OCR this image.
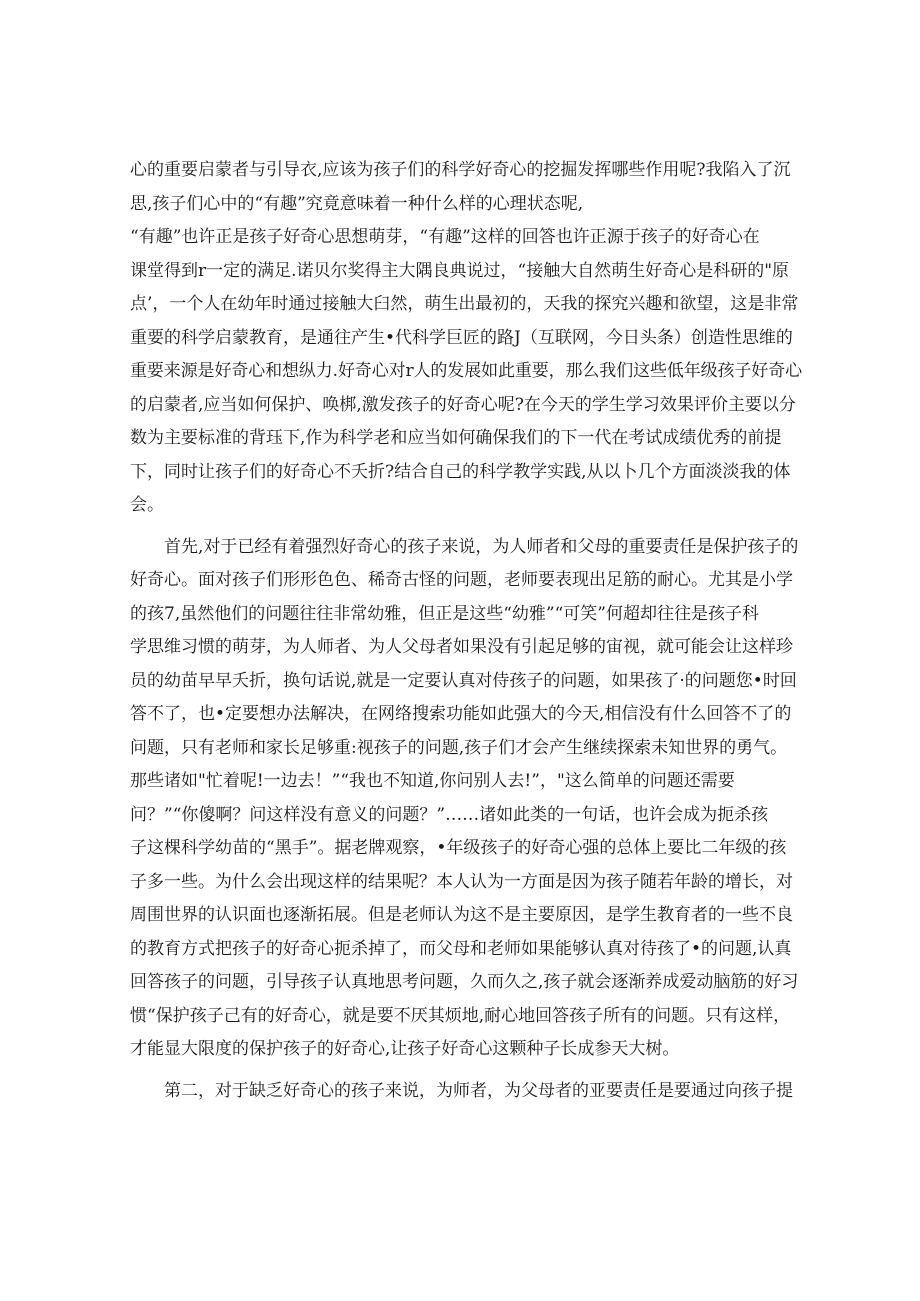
心的重要启蒙者与引导衣,应该为孩子们的科学好奇心的挖掘发挥哪些作用呢?我陷入了沉
思,孩子们心中的“有趣”究竟意味着一种什么样的心理状态呢,
“有趣”也许正是孩子好奇心思想萌芽，“有趣”这样的回答也许正源于孩子的好奇心在
课堂得到r一定的满足.诺贝尔奖得主大隅良典说过，“接触大自然萌生好奇心是科研的"原
点’，一个人在幼年时通过接触大臼然，萌生出最初的，天我的探究兴趣和欲望，这是非常
重要的科学启蒙教育，是通往产生•代科学巨匠的路J（互联网，今日头条）创造性思维的
重要来源是好奇心和想纵力.好奇心对r人的发展如此重要，那么我们这些低年级孩子好奇心
的启蒙者,应当如何保护、唤梆,激发孩子的好奇心呢?在今天的学生学习效果评价主要以分
数为主要标准的背珏下,作为科学老和应当如何确保我们的下一代在考试成绩优秀的前提
下，同时让孩子们的好奇心不夭折?结合自己的科学教学实践,从以卜几个方面淡淡我的体
会。
首先,对于已经有着强烈好奇心的孩子来说，为人师者和父母的重要责任是保护孩子的
好奇心。面对孩子们形形色色、稀奇古怪的问题，老师要表现出足筋的耐心。尤其是小学
的孩7,虽然他们的问题往往非常幼雅，但正是这些“幼雅”“可笑”何超却往往是孩子科
学思维习惯的萌芽，为人师者、为人父母者如果没有引起足够的宙视，就可能会让这样珍
员的幼苗早早夭折，换句话说,就是一定要认真对侍孩子的问题，如果孩了·的问题您•时回
答不了，也•定要想办法解决，在网络搜索功能如此强大的今天,相信没有什么回答不了的
问题，只有老师和家长足够重:视孩子的问题,孩子们才会产生继续探索未知世界的勇气。
那些诸如"忙着呢!一边去！”“我也不知道,你问别人去!”，"这么简单的问题还需要
问？”“你傻啊？问这样没有意义的问题？”……诸如此类的一句话，也许会成为扼杀孩
子这棵科学幼苗的“黑手”。据老牌观察，•年级孩子的好奇心强的总体上要比二年级的孩
子多一些。为什么会出现这样的结果呢？本人认为一方面是因为孩子随若年龄的增长，对
周围世界的认识面也逐渐拓展。但是老师认为这不是主要原因，是学生教育者的一些不良
的教育方式把孩子的好奇心扼杀掉了，而父母和老师如果能够认真对待孩了•的问题,认真
回答孩子的问题，引导孩子认真地思考问题，久而久之,孩子就会逐渐养成爱动脑筋的好习
惯“保护孩子己有的好奇心，就是要不厌其烦地,耐心地回答孩子所有的问题。只有这样，
才能显大限度的保护孩子的好奇心,让孩子好奇心这颗种子长成参天大树。
第二，对于缺乏好奇心的孩子来说，为师者，为父母者的亚要责任是要通过向孩子提
